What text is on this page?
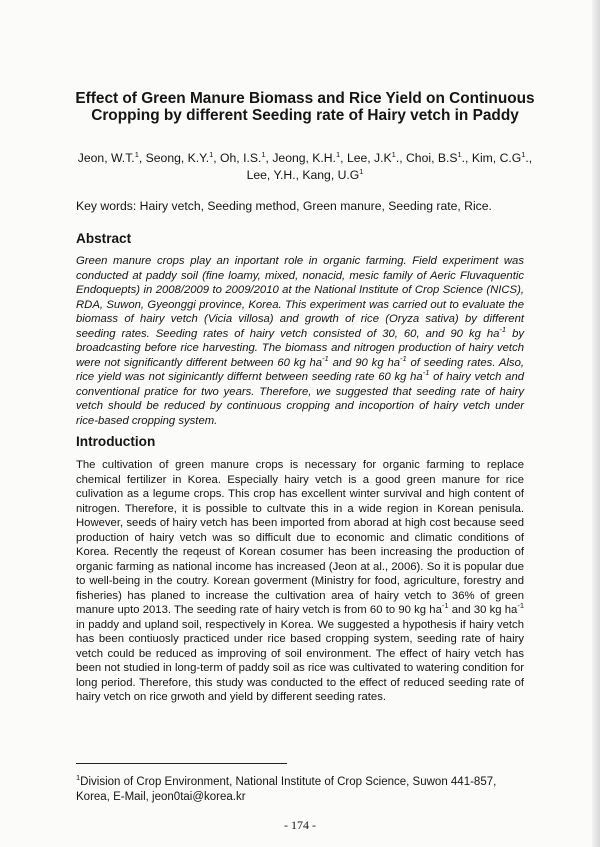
Effect of Green Manure Biomass and Rice Yield on Continuous
Cropping by different Seeding rate of Hairy vetch in Paddy
Jeon, W.T.$^1$, Seong, K.Y.$^1$, Oh, I.S.$^1$, Jeong, K.H.$^1$, Lee, $J.K^1$., Choi, $B.S^1$., Kim, $C.G^1$.,
Lee, Y.H., Kang, $U.G^1$
Key words: Hairy vetch, Seeding method, Green manure, Seeding rate, Rice.
Abstract
Green manure crops play an inportant role in organic farming. Field experiment was conducted at paddy soil (fine loamy, mixed, nonacid, mesic family of Aeric Fluvaquentic Endoquepts) in 2008/2009 to 2009/2010 at the National Institute of Crop Science (NICS), RDA, Suwon, Gyeonggi province, Korea. This experiment was carried out to evaluate the biomass of hairy vetch (Vicia villosa) and growth of rice (Oryza sativa) by different seeding rates. Seeding rates of hairy vetch consisted of 30, 60, and 90 kg $ha^{-1}$ by broadcasting before rice harvesting. The biomass and nitrogen production of hairy vetch were not significantly different between 60 kg $ha^{-1}$ and 90 kg $ha^{-1}$ of seeding rates. Also, rice yield was not siginicantly differnt between seeding rate 60 kg $ha^{-1}$ of hairy vetch and conventional pratice for two years. Therefore, we suggested that seeding rate of hairy vetch should be reduced by continuous cropping and incoportion of hairy vetch under rice-based cropping system.
Introduction
The cultivation of green manure crops is necessary for organic farming to replace chemical fertilizer in Korea. Especially hairy vetch is a good green manure for rice culivation as a legume crops. This crop has excellent winter survival and high content of nitrogen. Therefore, it is possible to cultvate this in a wide region in Korean penisula. However, seeds of hairy vetch has been imported from aborad at high cost because seed production of hairy vetch was so difficult due to economic and climatic conditions of Korea. Recently the reqeust of Korean cosumer has been increasing the production of organic farming as national income has increased (Jeon at al., 2006). So it is popular due to well-being in the coutry. Korean goverment (Ministry for food, agriculture, forestry and fisheries) has planed to increase the cultivation area of hairy vetch to 36% of green manure upto 2013. The seeding rate of hairy vetch is from 60 to 90 kg $ha^{-1}$ and 30 kg $ha^{-1}$ in paddy and upland soil, respectively in Korea. We suggested a hypothesis if hairy vetch has been contiuosly practiced under rice based cropping system, seeding rate of hairy vetch could be reduced as improving of soil environment. The effect of hairy vetch has been not studied in long-term of paddy soil as rice was cultivated to watering condition for long period. Therefore, this study was conducted to the effect of reduced seeding rate of hairy vetch on rice grwoth and yield by different seeding rates.
$^1$Division of Crop Environment, National Institute of Crop Science, Suwon 441-857,
Korea, E-Mail, jeon0tai@korea.kr
- 174 -
